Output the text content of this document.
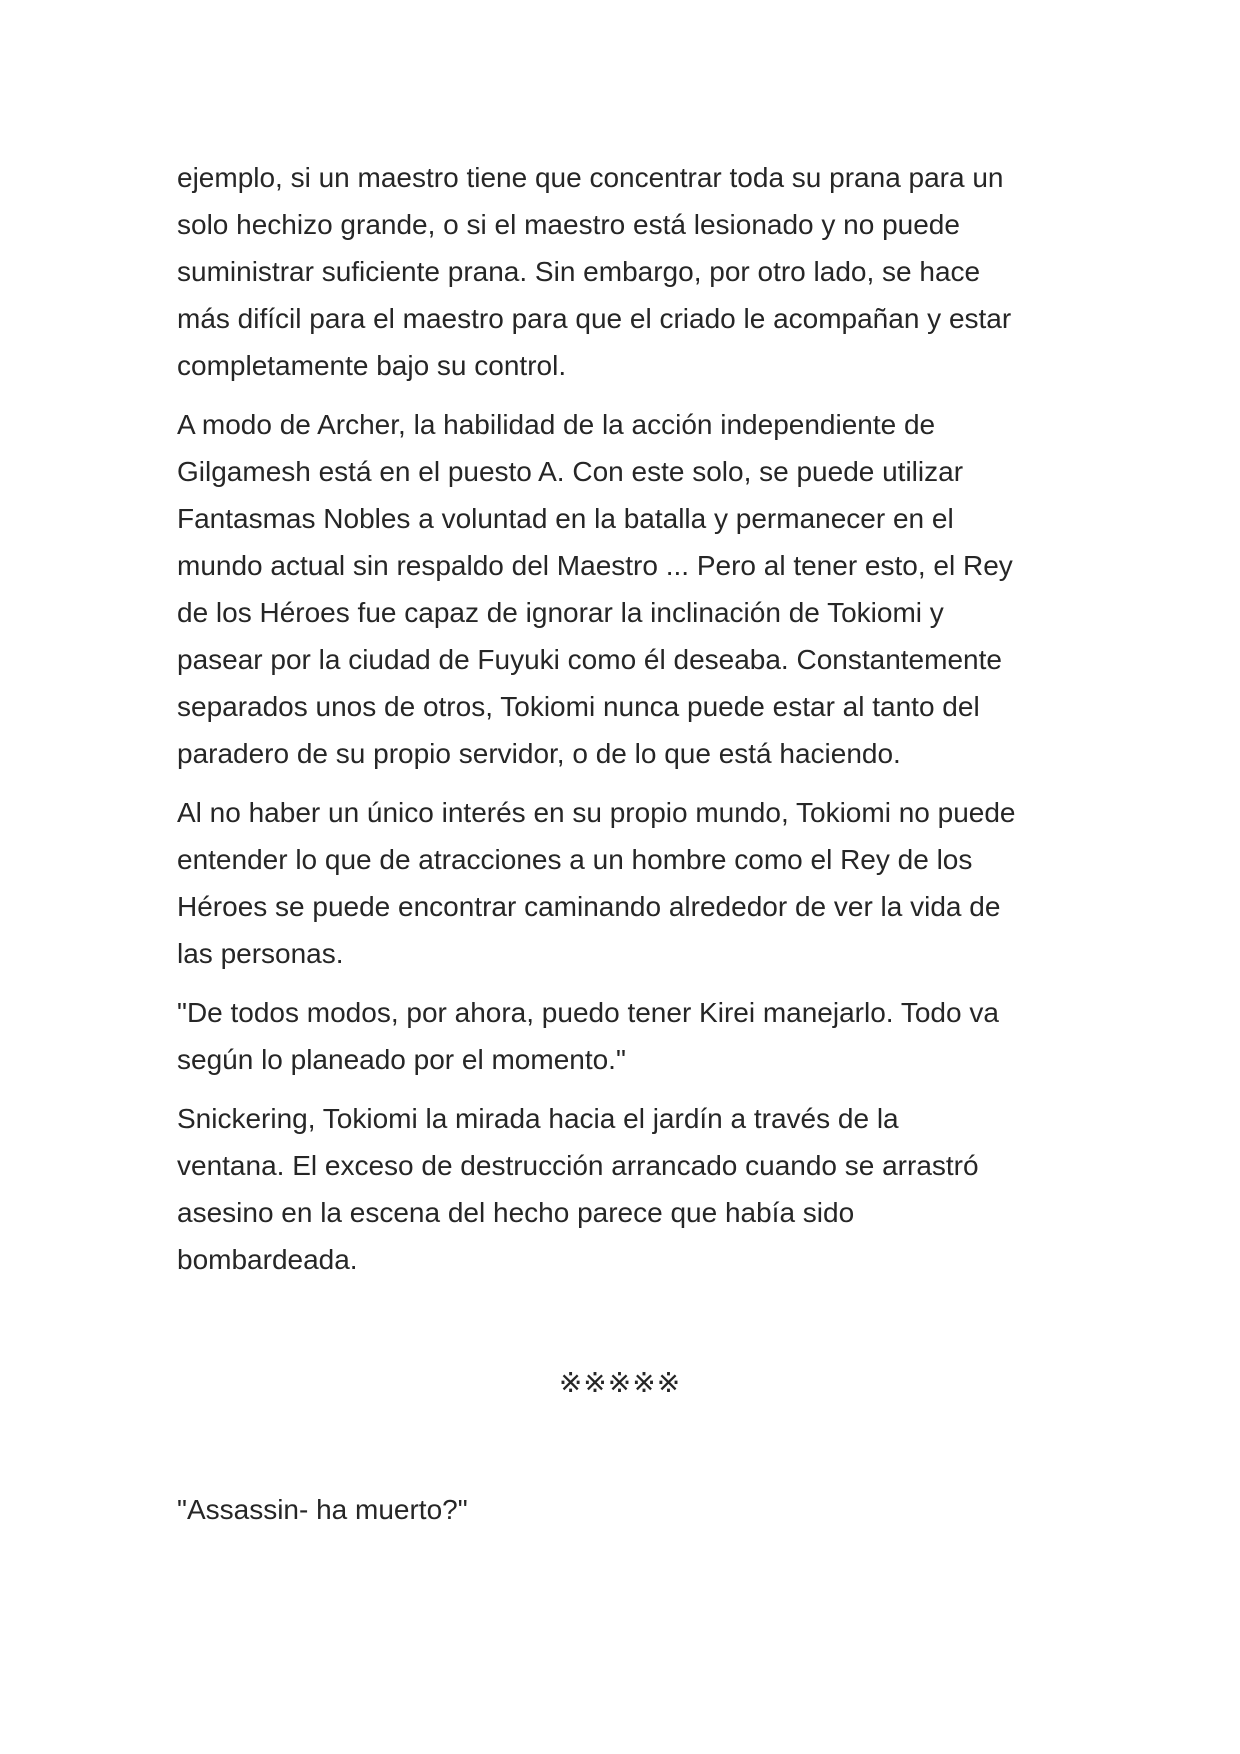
ejemplo, si un maestro tiene que concentrar toda su prana para un
solo hechizo grande, o si el maestro está lesionado y no puede
suministrar suficiente prana. Sin embargo, por otro lado, se hace
más difícil para el maestro para que el criado le acompañan y estar
completamente bajo su control.

A modo de Archer, la habilidad de la acción independiente de
Gilgamesh está en el puesto A. Con este solo, se puede utilizar
Fantasmas Nobles a voluntad en la batalla y permanecer en el
mundo actual sin respaldo del Maestro ... Pero al tener esto, el Rey
de los Héroes fue capaz de ignorar la inclinación de Tokiomi y
pasear por la ciudad de Fuyuki como él deseaba. Constantemente
separados unos de otros, Tokiomi nunca puede estar al tanto del
paradero de su propio servidor, o de lo que está haciendo.

Al no haber un único interés en su propio mundo, Tokiomi no puede
entender lo que de atracciones a un hombre como el Rey de los
Héroes se puede encontrar caminando alrededor de ver la vida de
las personas.

"De todos modos, por ahora, puedo tener Kirei manejarlo. Todo va
según lo planeado por el momento."

Snickering, Tokiomi la mirada hacia el jardín a través de la
ventana. El exceso de destrucción arrancado cuando se arrastró
asesino en la escena del hecho parece que había sido
bombardeada.

※※※※※
"Assassin- ha muerto?"
